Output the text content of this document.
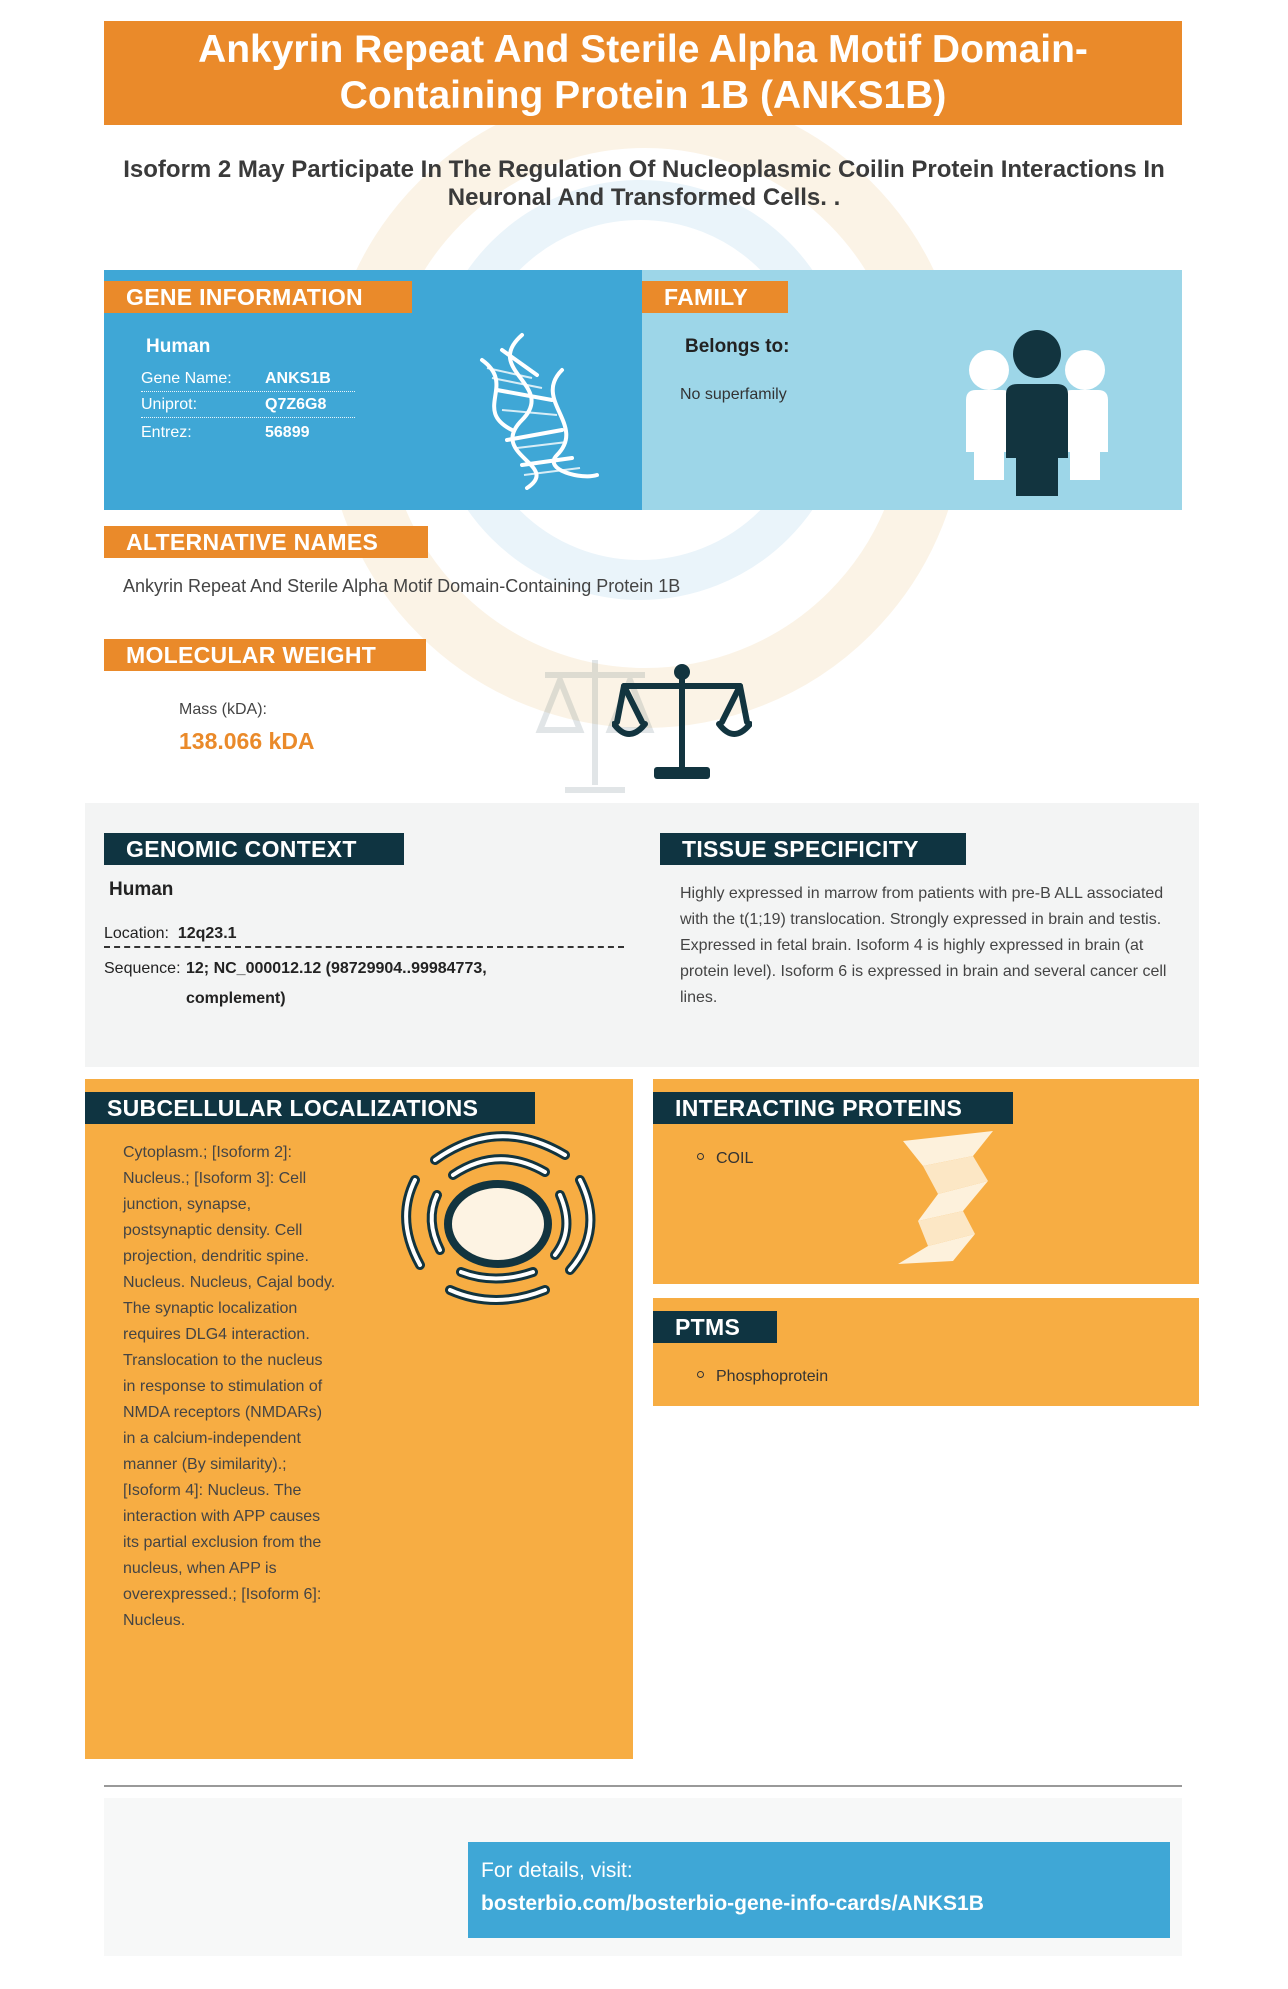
Ankyrin Repeat And Sterile Alpha Motif Domain-Containing Protein 1B (ANKS1B)
Isoform 2 May Participate In The Regulation Of Nucleoplasmic Coilin Protein Interactions In Neuronal And Transformed Cells. .
GENE INFORMATION
Human
Gene Name: ANKS1B
Uniprot:	Q7Z6G8
Entrez:	56899
FAMILY
Belongs to:
No superfamily
ALTERNATIVE NAMES
Ankyrin Repeat And Sterile Alpha Motif Domain-Containing Protein 1B
MOLECULAR WEIGHT
Mass (kDA):
138.066 kDA
GENOMIC CONTEXT
Human
Location: 12q23.1
Sequence: 12; NC_000012.12 (98729904..99984773, complement)
TISSUE SPECIFICITY
Highly expressed in marrow from patients with pre-B ALL associated with the t(1;19) translocation. Strongly expressed in brain and testis. Expressed in fetal brain. Isoform 4 is highly expressed in brain (at protein level). Isoform 6 is expressed in brain and several cancer cell lines.
SUBCELLULAR LOCALIZATIONS
Cytoplasm.; [Isoform 2]: Nucleus.; [Isoform 3]: Cell junction, synapse, postsynaptic density. Cell projection, dendritic spine. Nucleus. Nucleus, Cajal body. The synaptic localization requires DLG4 interaction. Translocation to the nucleus in response to stimulation of NMDA receptors (NMDARs) in a calcium-independent manner (By similarity).; [Isoform 4]: Nucleus. The interaction with APP causes its partial exclusion from the nucleus, when APP is overexpressed.; [Isoform 6]: Nucleus.
INTERACTING PROTEINS
COIL
PTMS
Phosphoprotein
For details, visit:
bosterbio.com/bosterbio-gene-info-cards/ANKS1B
